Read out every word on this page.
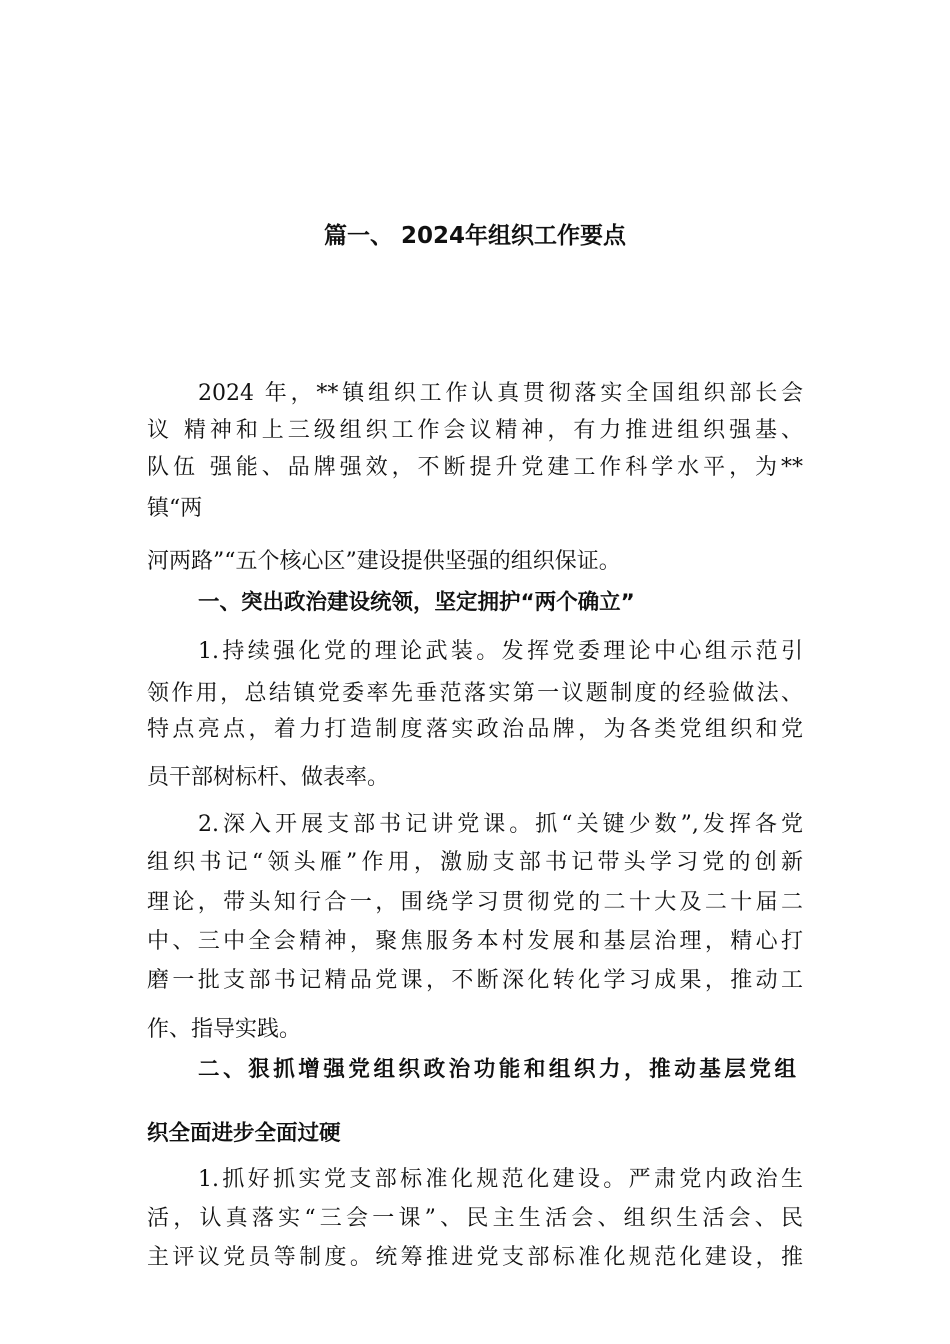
篇一、 2024年组织工作要点

2024 年，**镇组织工作认真贯彻落实全国组织部长会

议 精神和上三级组织工作会议精神，有力推进组织强基、

队伍 强能、品牌强效，不断提升党建工作科学水平，为**

镇“两

河两路”“五个核心区”建设提供坚强的组织保证。

一、突出政治建设统领，坚定拥护“两个确立”

1.持续强化党的理论武装。发挥党委理论中心组示范引

领作用，总结镇党委率先垂范落实第一议题制度的经验做法、

特点亮点，着力打造制度落实政治品牌，为各类党组织和党

员干部树标杆、做表率。

2.深入开展支部书记讲党课。抓“关键少数”,发挥各党

组织书记“领头雁”作用，激励支部书记带头学习党的创新

理论，带头知行合一，围绕学习贯彻党的二十大及二十届二

中、三中全会精神，聚焦服务本村发展和基层治理，精心打

磨一批支部书记精品党课，不断深化转化学习成果，推动工

作、指导实践。

二、狠抓增强党组织政治功能和组织力，推动基层党组

织全面进步全面过硬

1.抓好抓实党支部标准化规范化建设。严肃党内政治生

活，认真落实“三会一课”、民主生活会、组织生活会、民

主评议党员等制度。统筹推进党支部标准化规范化建设，推
